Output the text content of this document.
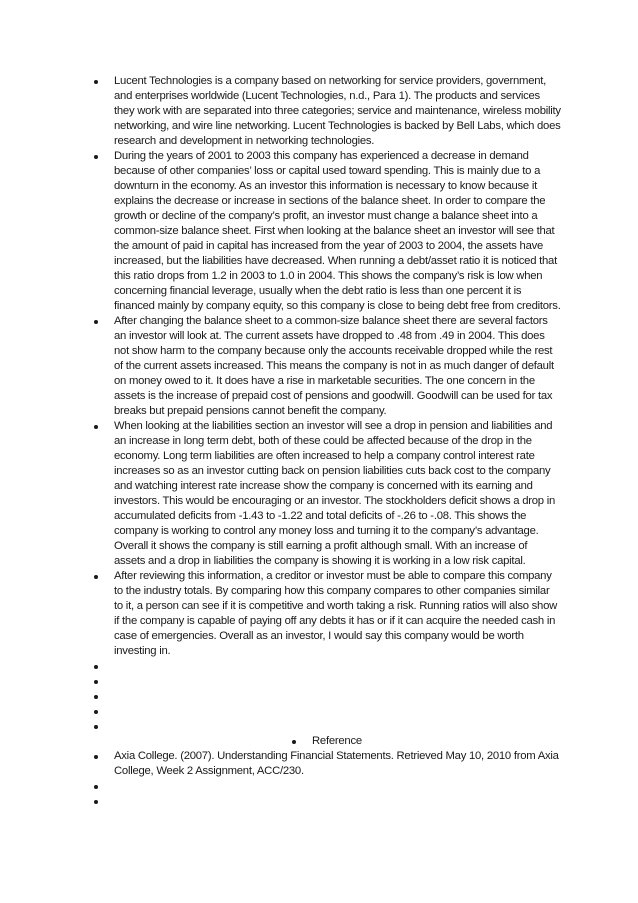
Lucent Technologies is a company based on networking for service providers, government, and enterprises worldwide (Lucent Technologies, n.d., Para 1). The products and services they work with are separated into three categories; service and maintenance, wireless mobility networking, and wire line networking. Lucent Technologies is backed by Bell Labs, which does research and development in networking technologies.
During the years of 2001 to 2003 this company has experienced a decrease in demand because of other companies’ loss or capital used toward spending. This is mainly due to a downturn in the economy. As an investor this information is necessary to know because it explains the decrease or increase in sections of the balance sheet. In order to compare the growth or decline of the company’s profit, an investor must change a balance sheet into a common-size balance sheet. First when looking at the balance sheet an investor will see that the amount of paid in capital has increased from the year of 2003 to 2004, the assets have increased, but the liabilities have decreased. When running a debt/asset ratio it is noticed that this ratio drops from 1.2 in 2003 to 1.0 in 2004. This shows the company’s risk is low when concerning financial leverage, usually when the debt ratio is less than one percent it is financed mainly by company equity, so this company is close to being debt free from creditors.
After changing the balance sheet to a common-size balance sheet there are several factors an investor will look at. The current assets have dropped to .48 from .49 in 2004. This does not show harm to the company because only the accounts receivable dropped while the rest of the current assets increased. This means the company is not in as much danger of default on money owed to it. It does have a rise in marketable securities. The one concern in the assets is the increase of prepaid cost of pensions and goodwill. Goodwill can be used for tax breaks but prepaid pensions cannot benefit the company.
When looking at the liabilities section an investor will see a drop in pension and liabilities and an increase in long term debt, both of these could be affected because of the drop in the economy. Long term liabilities are often increased to help a company control interest rate increases so as an investor cutting back on pension liabilities cuts back cost to the company and watching interest rate increase show the company is concerned with its earning and investors. This would be encouraging or an investor. The stockholders deficit shows a drop in accumulated deficits from -1.43 to -1.22 and total deficits of -.26 to -.08. This shows the company is working to control any money loss and turning it to the company’s advantage. Overall it shows the company is still earning a profit although small. With an increase of assets and a drop in liabilities the company is showing it is working in a low risk capital.
After reviewing this information, a creditor or investor must be able to compare this company to the industry totals. By comparing how this company compares to other companies similar to it, a person can see if it is competitive and worth taking a risk. Running ratios will also show if the company is capable of paying off any debts it has or if it can acquire the needed cash in case of emergencies. Overall as an investor, I would say this company would be worth investing in.
Reference
Axia College. (2007). Understanding Financial Statements. Retrieved May 10, 2010 from Axia College, Week 2 Assignment, ACC/230.
